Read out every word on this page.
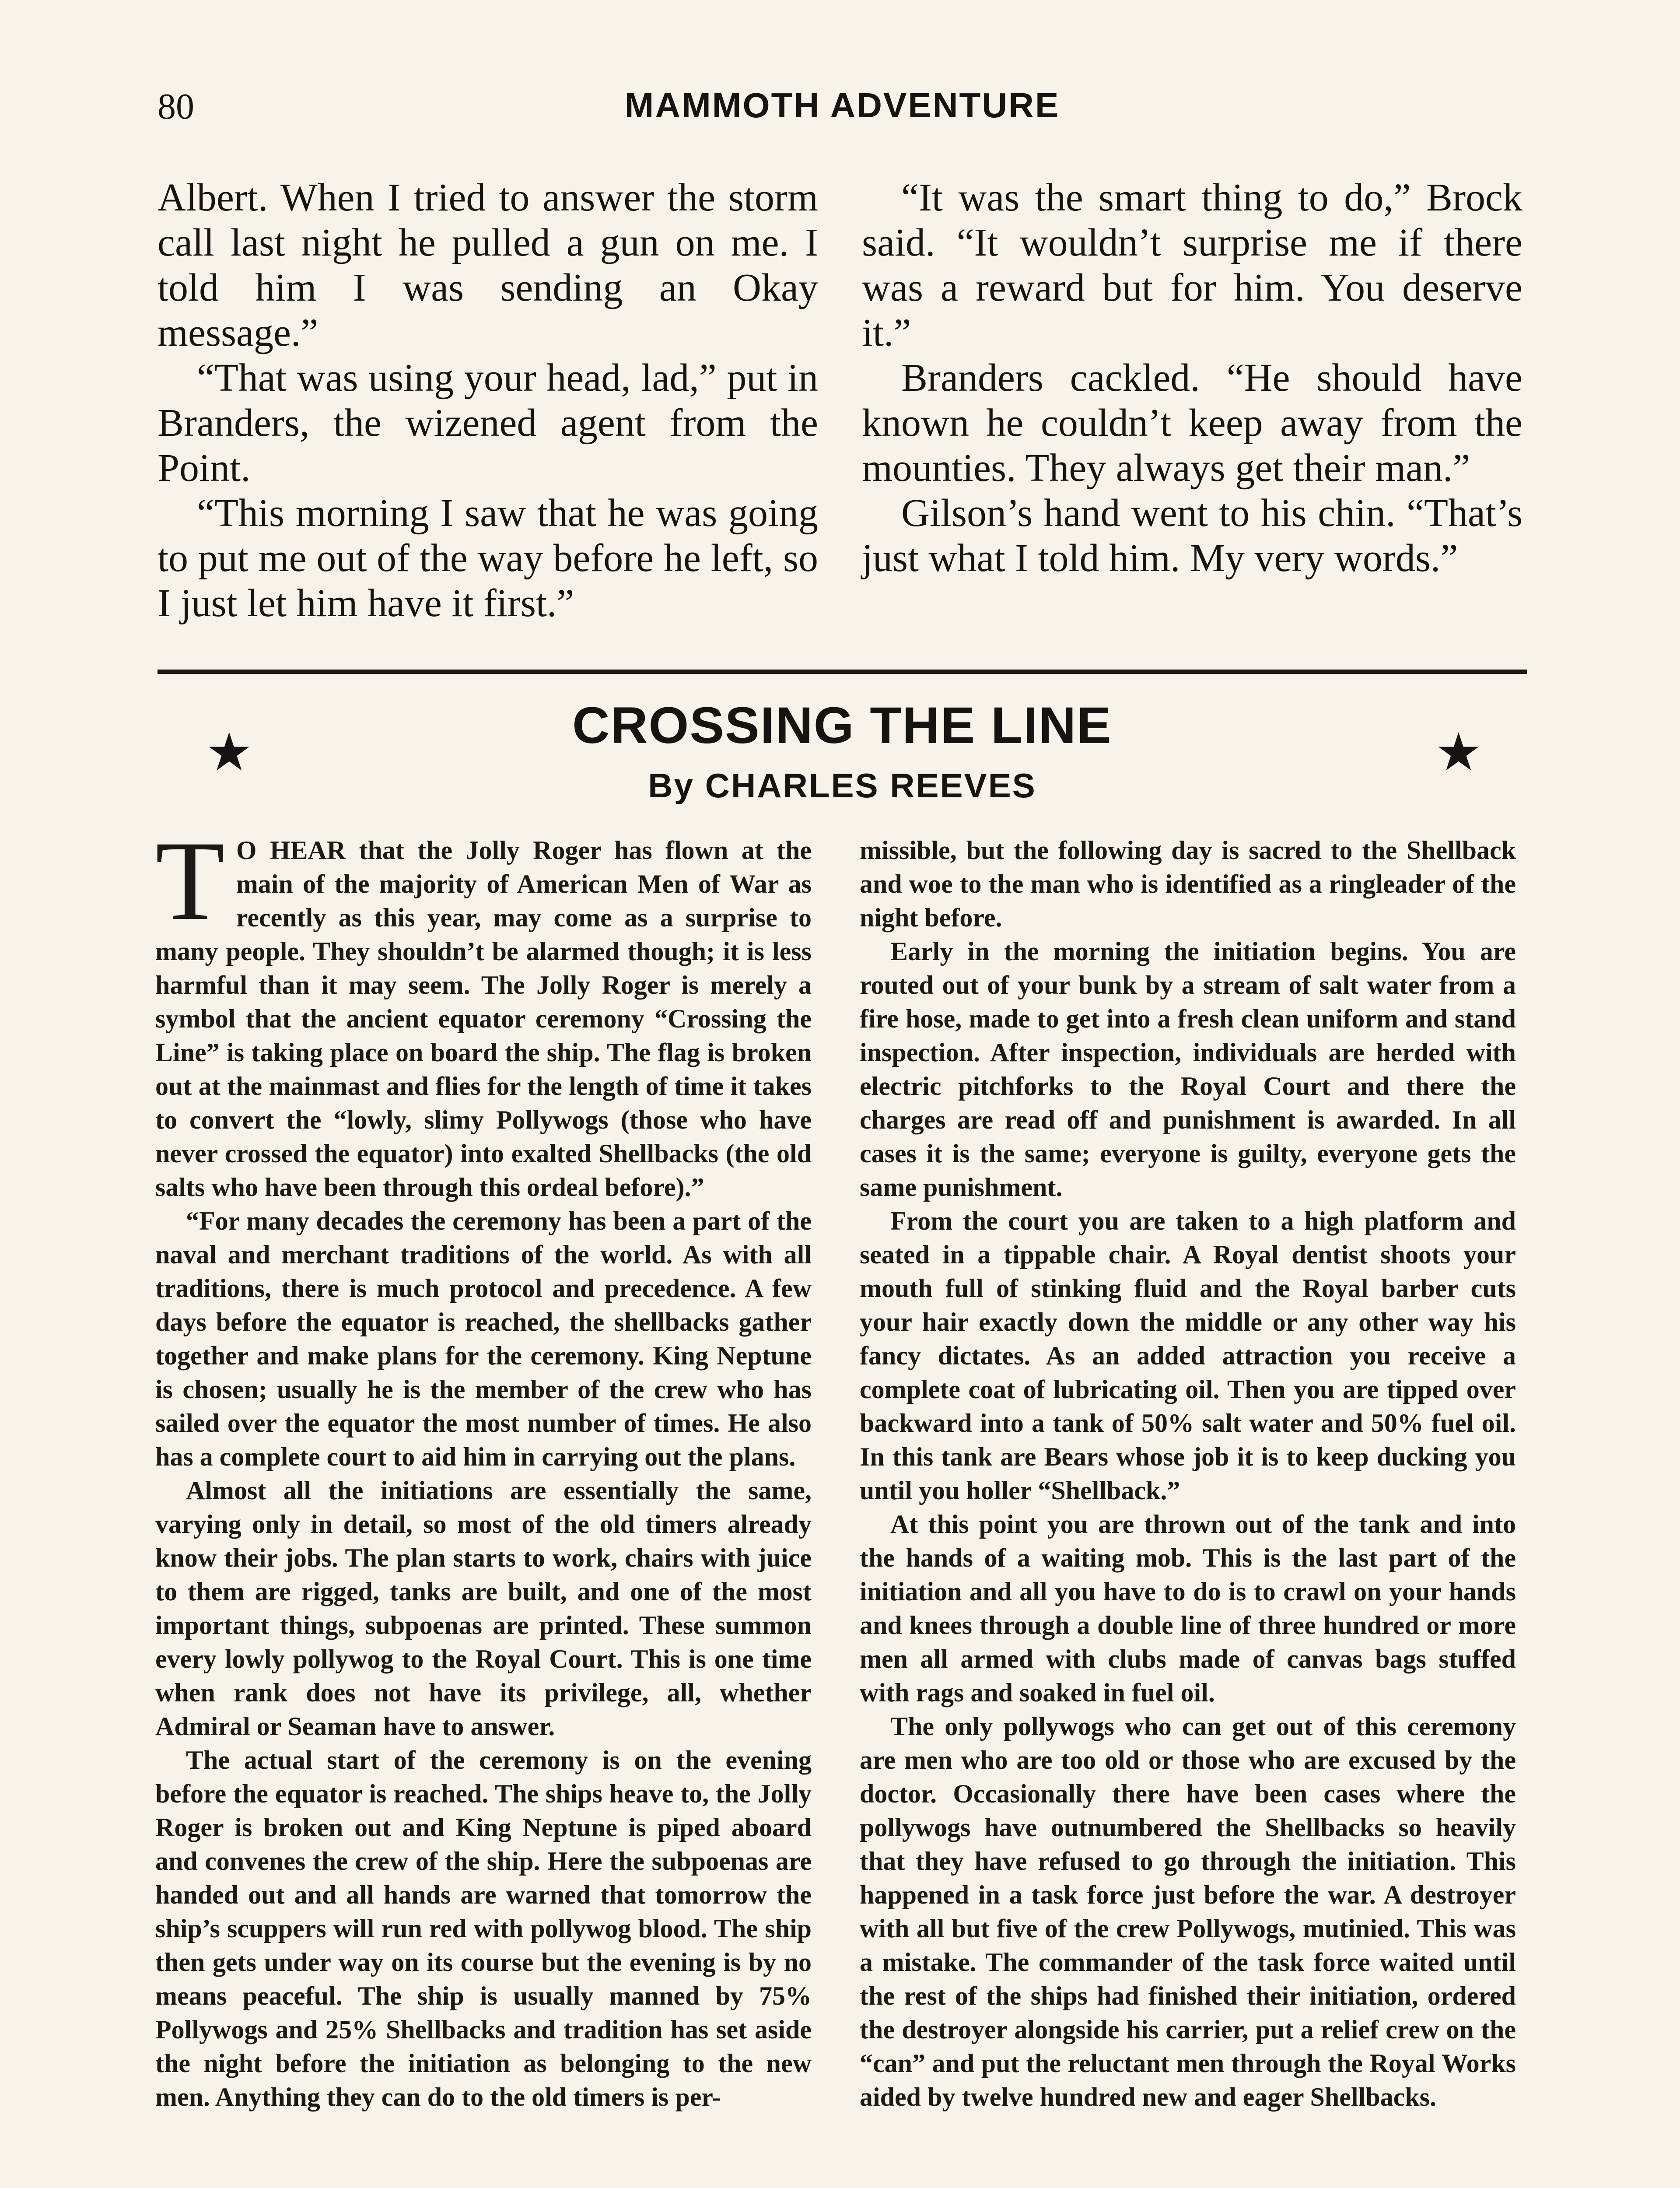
80	MAMMOTH ADVENTURE

Albert. When I tried to answer the storm call last night he pulled a gun on me. I told him I was sending an Okay message.”

“That was using your head, lad,” put in Branders, the wizened agent from the Point.

“This morning I saw that he was going to put me out of the way before he left, so I just let him have it first.”

“It was the smart thing to do,” Brock said. “It wouldn’t surprise me if there was a reward but for him. You deserve it.”

Branders cackled. “He should have known he couldn’t keep away from the mounties. They always get their man.”

Gilson’s hand went to his chin. “That’s just what I told him. My very words.”

★	★
CROSSING THE LINE
By CHARLES REEVES

T O HEAR that the Jolly Roger has flown at the main of the majority of American Men of War as recently as this year, may come as a surprise to many people. They shouldn’t be alarmed though; it is less harmful than it may seem. The Jolly Roger is merely a symbol that the ancient equator ceremony “Crossing the Line” is taking place on board the ship. The flag is broken out at the mainmast and flies for the length of time it takes to convert the “lowly, slimy Pollywogs (those who have never crossed the equator) into exalted Shellbacks (the old salts who have been through this ordeal before).”

“For many decades the ceremony has been a part of the naval and merchant traditions of the world. As with all traditions, there is much protocol and precedence. A few days before the equator is reached, the shellbacks gather together and make plans for the ceremony. King Neptune is chosen; usually he is the member of the crew who has sailed over the equator the most number of times. He also has a complete court to aid him in carrying out the plans.

Almost all the initiations are essentially the same, varying only in detail, so most of the old timers already know their jobs. The plan starts to work, chairs with juice to them are rigged, tanks are built, and one of the most important things, subpoenas are printed. These summon every lowly pollywog to the Royal Court. This is one time when rank does not have its privilege, all, whether Admiral or Seaman have to answer.

The actual start of the ceremony is on the evening before the equator is reached. The ships heave to, the Jolly Roger is broken out and King Neptune is piped aboard and convenes the crew of the ship. Here the subpoenas are handed out and all hands are warned that tomorrow the ship’s scuppers will run red with pollywog blood. The ship then gets under way on its course but the evening is by no means peaceful. The ship is usually manned by 75% Pollywogs and 25% Shellbacks and tradition has set aside the night before the initiation as belonging to the new men. Anything they can do to the old timers is per-

missible, but the following day is sacred to the Shellback and woe to the man who is identified as a ringleader of the night before.

Early in the morning the initiation begins. You are routed out of your bunk by a stream of salt water from a fire hose, made to get into a fresh clean uniform and stand inspection. After inspection, individuals are herded with electric pitchforks to the Royal Court and there the charges are read off and punishment is awarded. In all cases it is the same; everyone is guilty, everyone gets the same punishment.

From the court you are taken to a high platform and seated in a tippable chair. A Royal dentist shoots your mouth full of stinking fluid and the Royal barber cuts your hair exactly down the middle or any other way his fancy dictates. As an added attraction you receive a complete coat of lubricating oil. Then you are tipped over backward into a tank of 50% salt water and 50% fuel oil. In this tank are Bears whose job it is to keep ducking you until you holler “Shellback.”

At this point you are thrown out of the tank and into the hands of a waiting mob. This is the last part of the initiation and all you have to do is to crawl on your hands and knees through a double line of three hundred or more men all armed with clubs made of canvas bags stuffed with rags and soaked in fuel oil.

The only pollywogs who can get out of this ceremony are men who are too old or those who are excused by the doctor. Occasionally there have been cases where the pollywogs have outnumbered the Shellbacks so heavily that they have refused to go through the initiation. This happened in a task force just before the war. A destroyer with all but five of the crew Pollywogs, mutinied. This was a mistake. The commander of the task force waited until the rest of the ships had finished their initiation, ordered the destroyer alongside his carrier, put a relief crew on the “can” and put the reluctant men through the Royal Works aided by twelve hundred new and eager Shellbacks.
